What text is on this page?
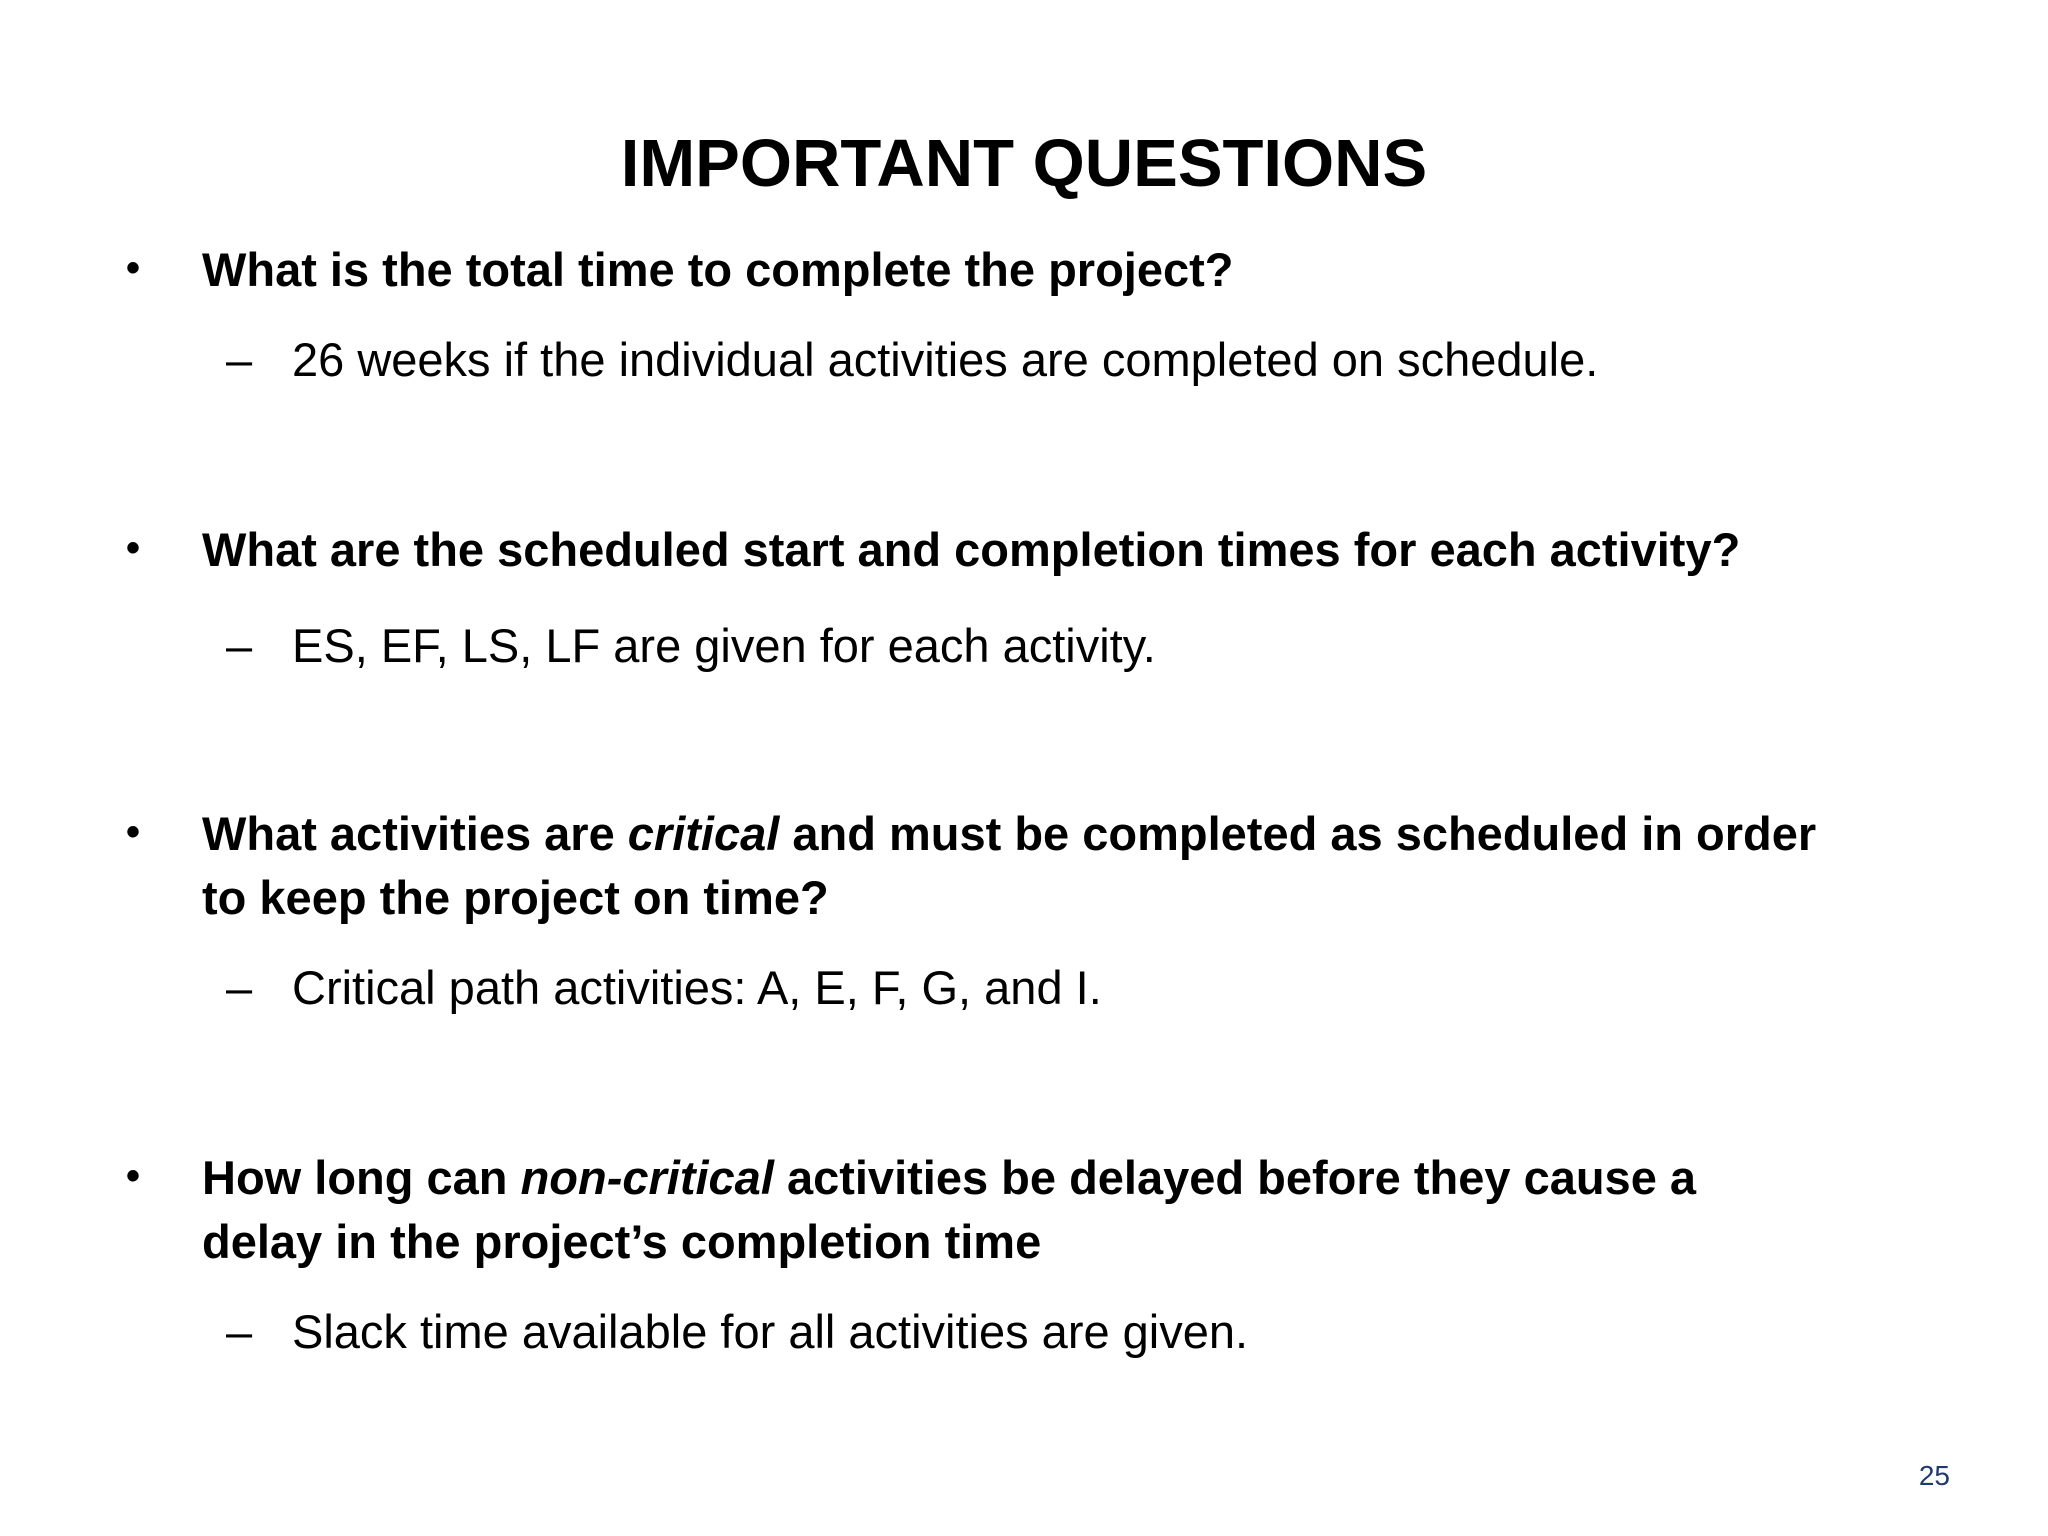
IMPORTANT QUESTIONS
• What is the total time to complete the project?
– 26 weeks if the individual activities are completed on schedule.
• What are the scheduled start and completion times for each activity?
– ES, EF, LS, LF are given for each activity.
• What activities are critical and must be completed as scheduled in order
to keep the project on time?
– Critical path activities: A, E, F, G, and I.
• How long can non-critical activities be delayed before they cause a
delay in the project’s completion time
– Slack time available for all activities are given.
25
